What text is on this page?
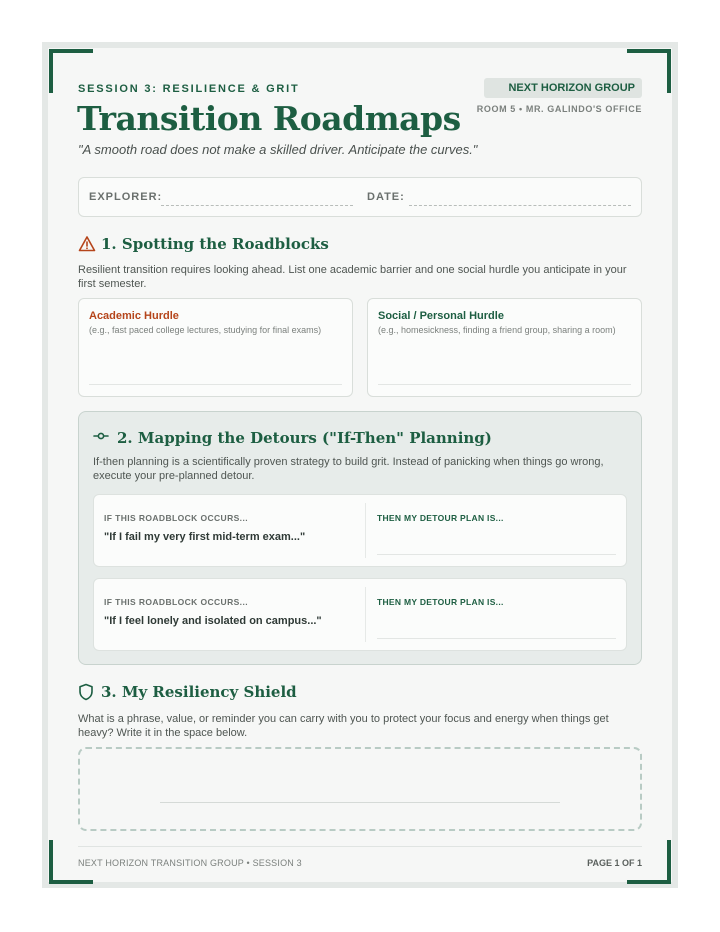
SESSION 3: RESILIENCE & GRIT	NEXT HORIZON GROUP
ROOM 5 • MR. GALINDO'S OFFICE
Transition Roadmaps
"A smooth road does not make a skilled driver. Anticipate the curves."
EXPLORER:	DATE:
1. Spotting the Roadblocks
Resilient transition requires looking ahead. List one academic barrier and one social hurdle you anticipate in your first semester.
Academic Hurdle
(e.g., fast paced college lectures, studying for final exams)
Social / Personal Hurdle
(e.g., homesickness, finding a friend group, sharing a room)
2. Mapping the Detours ("If-Then" Planning)
If-then planning is a scientifically proven strategy to build grit. Instead of panicking when things go wrong, execute your pre-planned detour.
IF THIS ROADBLOCK OCCURS...
"If I fail my very first mid-term exam..."
THEN MY DETOUR PLAN IS...
IF THIS ROADBLOCK OCCURS...
"If I feel lonely and isolated on campus..."
THEN MY DETOUR PLAN IS...
3. My Resiliency Shield
What is a phrase, value, or reminder you can carry with you to protect your focus and energy when things get heavy? Write it in the space below.
NEXT HORIZON TRANSITION GROUP • SESSION 3	PAGE 1 OF 1
